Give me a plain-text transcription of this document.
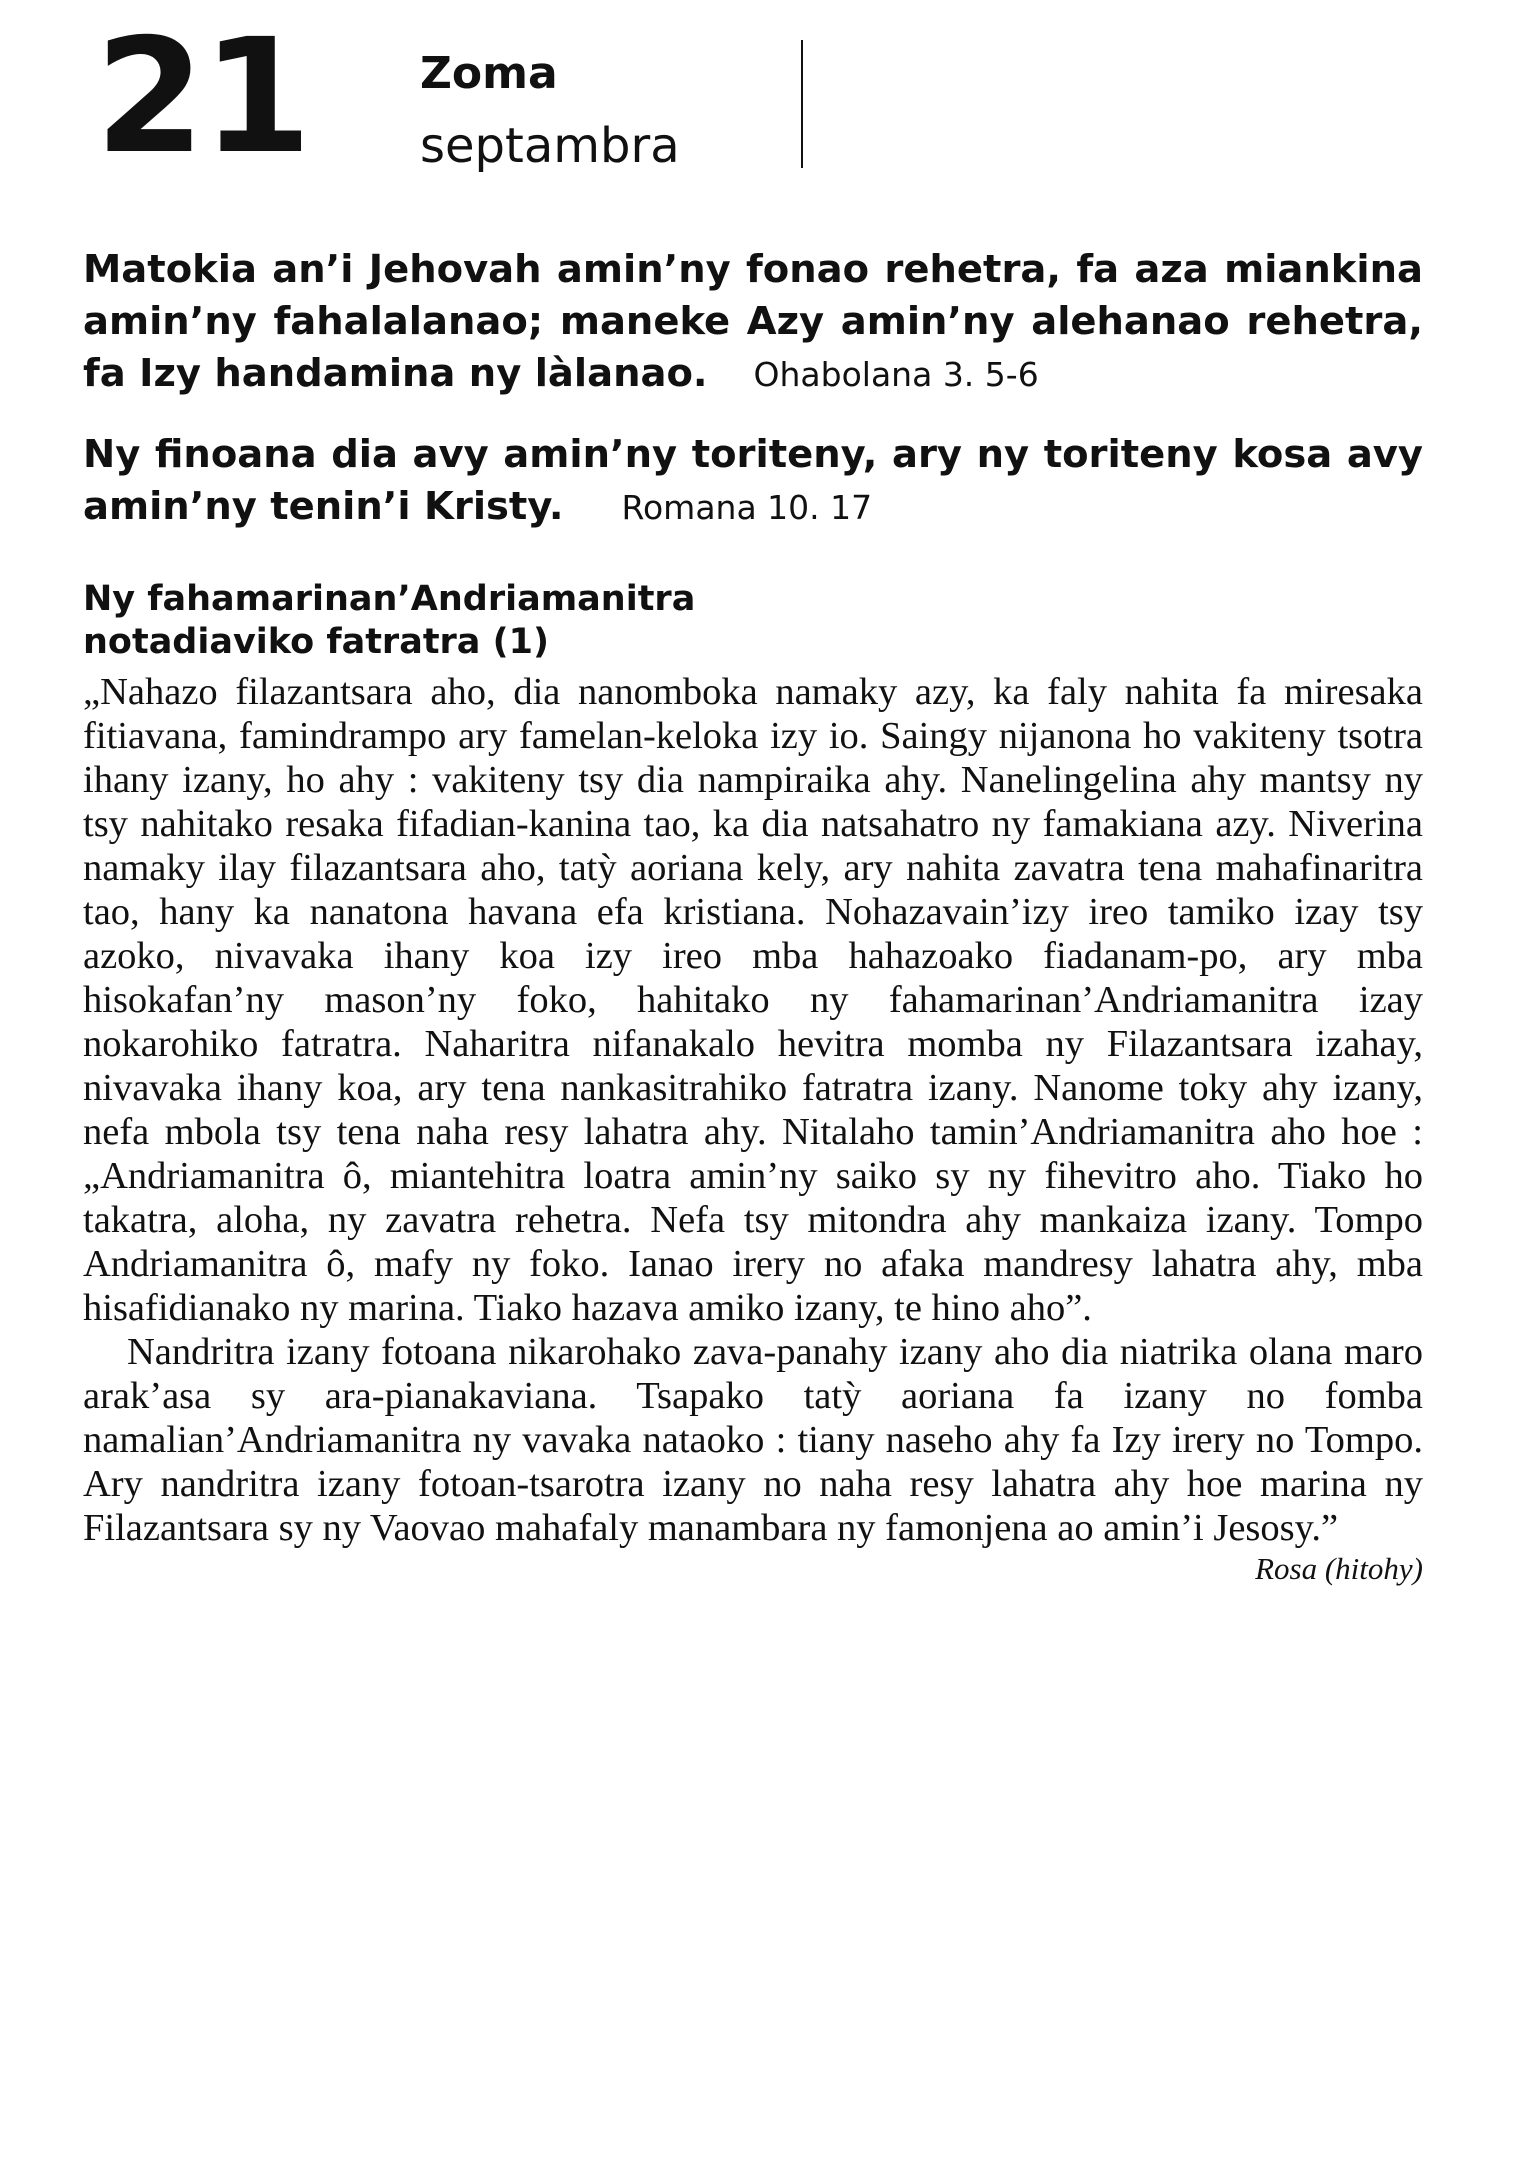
21	Zoma
septambra

Matokia an’i Jehovah amin’ny fonao rehetra, fa aza miankina amin’ny fahalalanao; maneke Azy amin’ny alehanao rehetra, fa Izy handamina ny làlanao. Ohabolana 3. 5-6

Ny finoana dia avy amin’ny toriteny, ary ny toriteny kosa avy amin’ny tenin’i Kristy. Romana 10. 17

Ny fahamarinan’Andriamanitra
notadiaviko fatratra (1)

„Nahazo filazantsara aho, dia nanomboka namaky azy, ka faly nahita fa miresaka fitiavana, famindrampo ary famelan-keloka izy io. Saingy nijanona ho vakiteny tsotra ihany izany, ho ahy : vakiteny tsy dia nampiraika ahy. Nanelingelina ahy mantsy ny tsy nahitako resaka fifadian-kanina tao, ka dia natsahatro ny famakiana azy. Niverina namaky ilay filazantsara aho, tatỳ aoriana kely, ary nahita zavatra tena mahafinaritra tao, hany ka nanatona havana efa kristiana. Nohazavain’izy ireo tamiko izay tsy azoko, nivavaka ihany koa izy ireo mba hahazoako fiadanam-po, ary mba hisokafan’ny mason’ny foko, hahitako ny fahamarinan’Andriamanitra izay nokarohiko fatratra. Naharitra nifanakalo hevitra momba ny Filazantsara izahay, nivavaka ihany koa, ary tena nankasitrahiko fatratra izany. Nanome toky ahy izany, nefa mbola tsy tena naha resy lahatra ahy. Nitalaho tamin’Andriamanitra aho hoe : „Andriamanitra ô, miantehitra loatra amin’ny saiko sy ny fihevitro aho. Tiako ho takatra, aloha, ny zavatra rehetra. Nefa tsy mitondra ahy mankaiza izany. Tompo Andriamanitra ô, mafy ny foko. Ianao irery no afaka mandresy lahatra ahy, mba hisafidianako ny marina. Tiako hazava amiko izany, te hino aho”.

Nandritra izany fotoana nikarohako zava-panahy izany aho dia niatrika olana maro arak’asa sy ara-pianakaviana. Tsapako tatỳ aoriana fa izany no fomba namalian’Andriamanitra ny vavaka nataoko : tiany naseho ahy fa Izy irery no Tompo. Ary nandritra izany fotoan-tsarotra izany no naha resy lahatra ahy hoe marina ny Filazantsara sy ny Vaovao mahafaly manambara ny famonjena ao amin’i Jesosy.”

Rosa (hitohy)
